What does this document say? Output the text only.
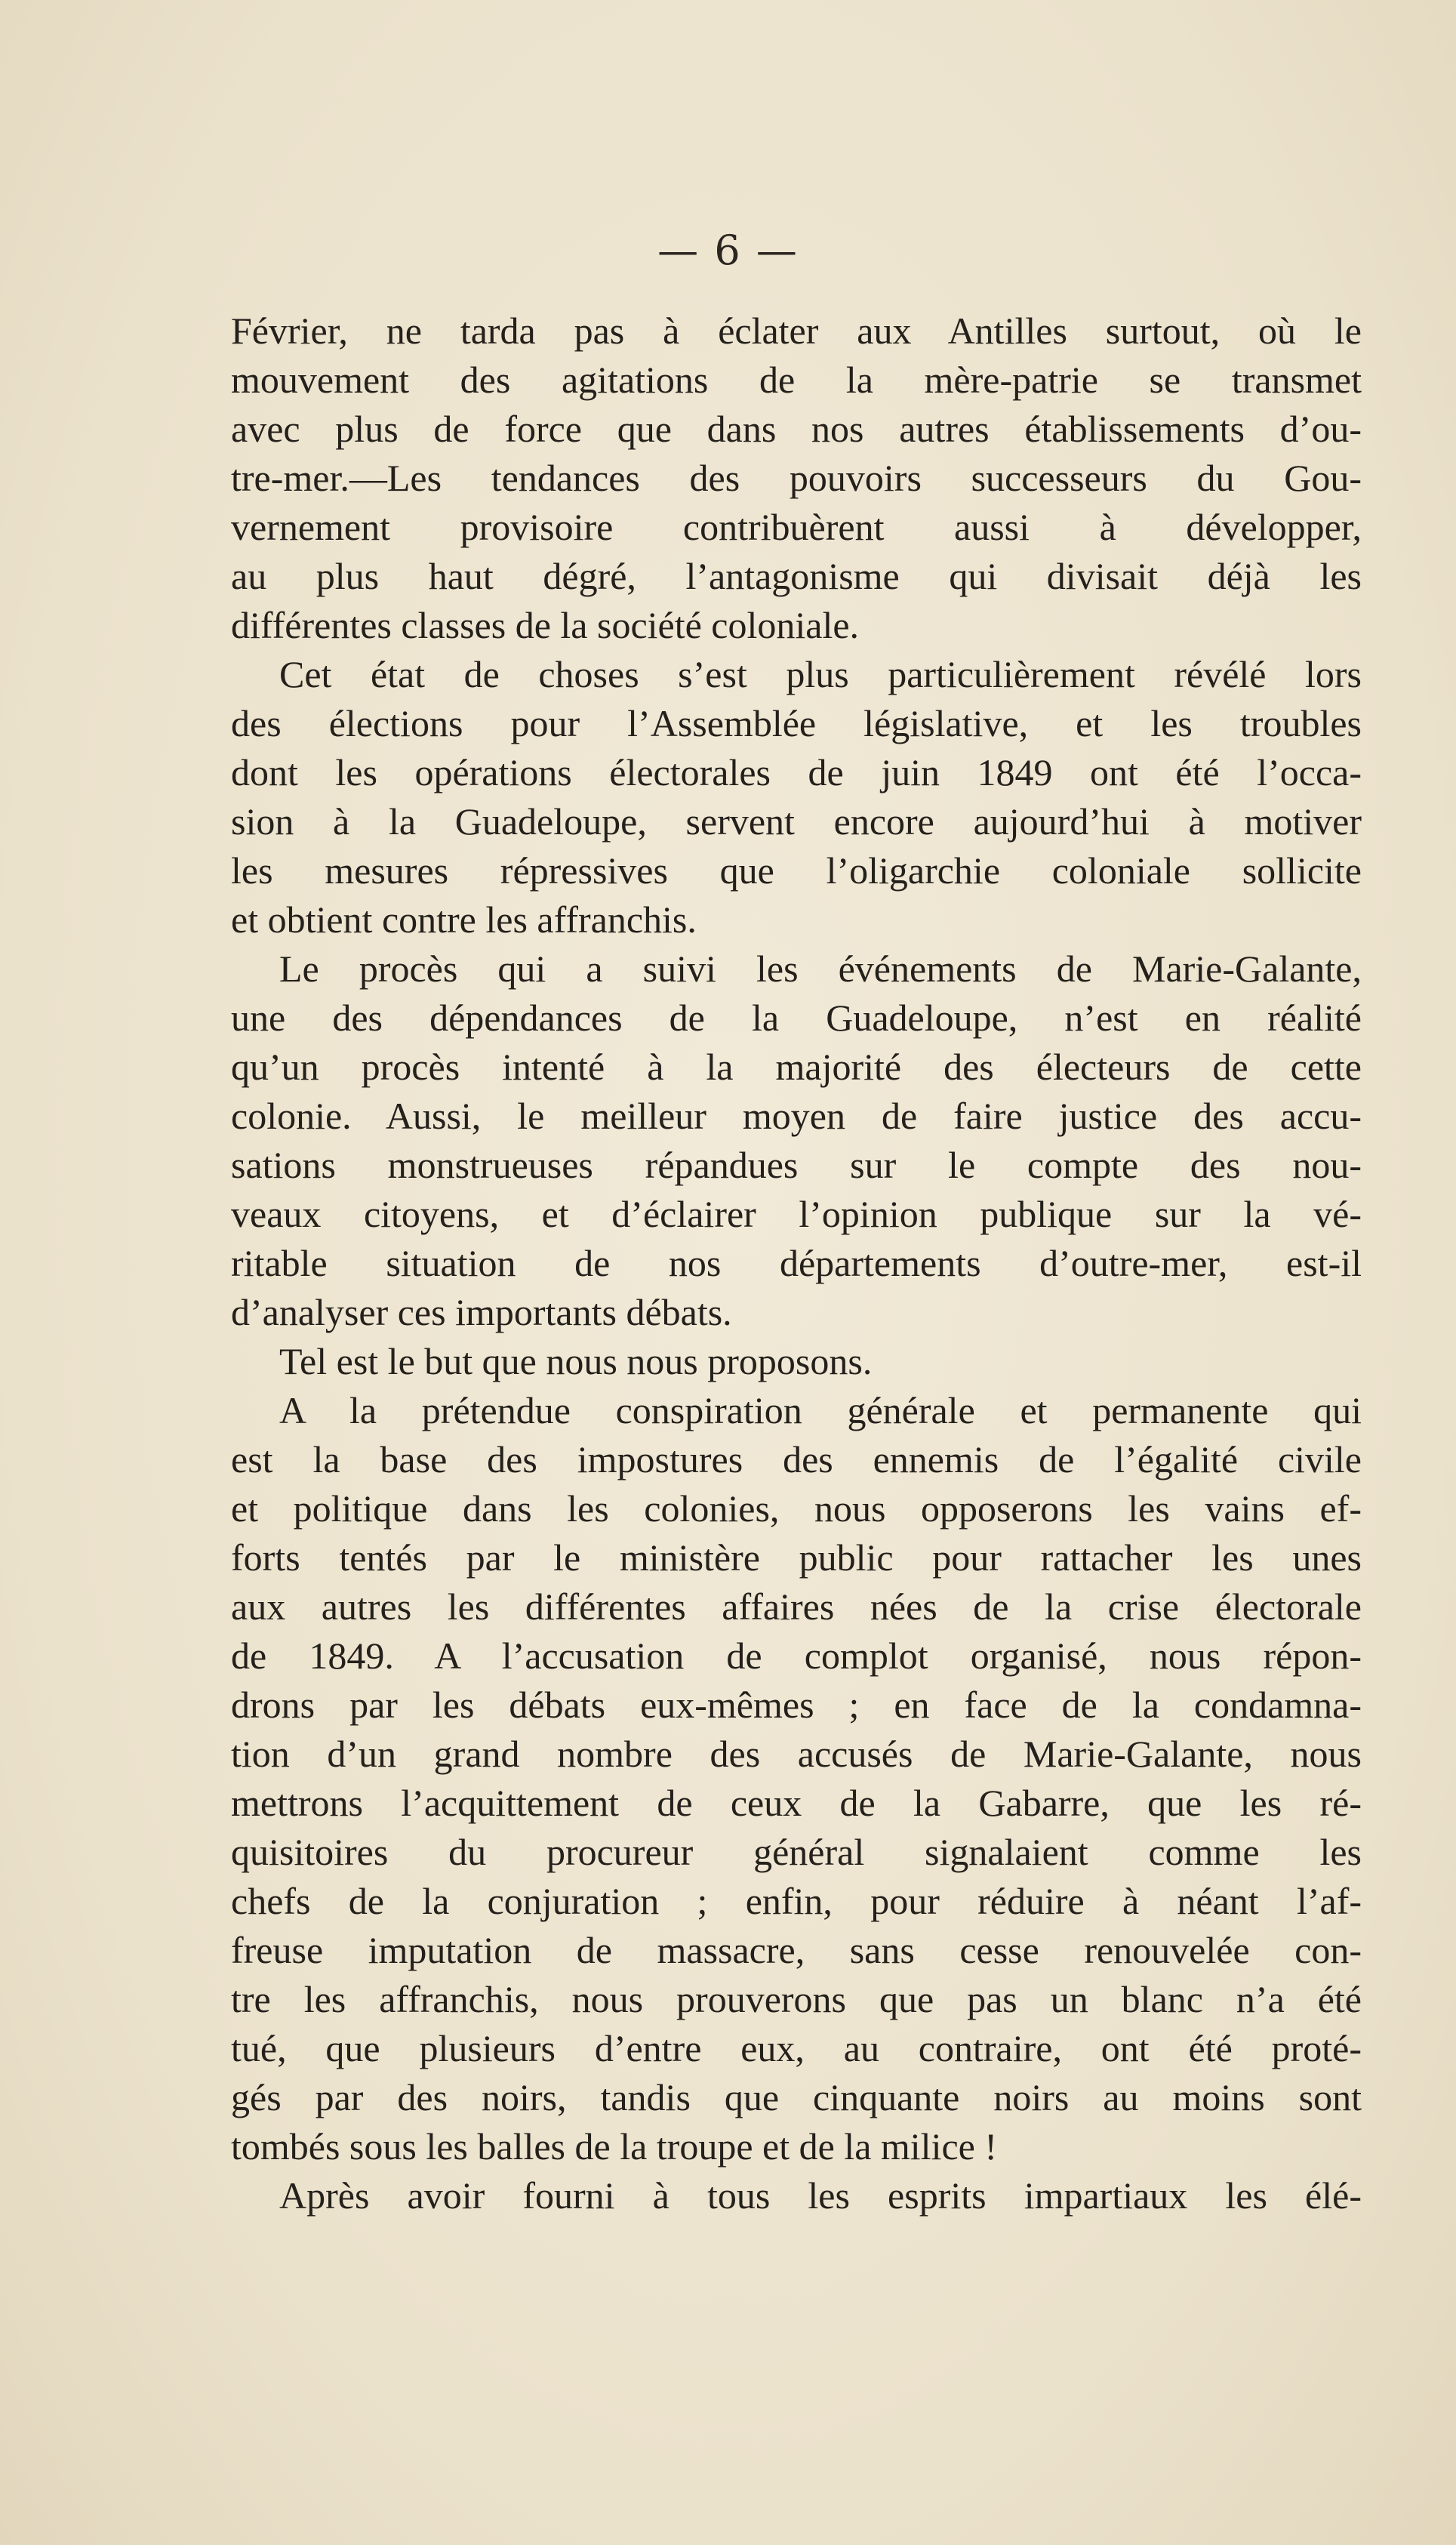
— 6 —
Février, ne tarda pas à éclater aux Antilles surtout, où le
mouvement des agitations de la mère-patrie se transmet
avec plus de force que dans nos autres établissements d’ou-
tre-mer.—Les tendances des pouvoirs successeurs du Gou-
vernement provisoire contribuèrent aussi à développer,
au plus haut dégré, l’antagonisme qui divisait déjà les
différentes classes de la société coloniale.
Cet état de choses s’est plus particulièrement révélé lors
des élections pour l’Assemblée législative, et les troubles
dont les opérations électorales de juin 1849 ont été l’occa-
sion à la Guadeloupe, servent encore aujourd’hui à motiver
les mesures répressives que l’oligarchie coloniale sollicite
et obtient contre les affranchis.
Le procès qui a suivi les événements de Marie-Galante,
une des dépendances de la Guadeloupe, n’est en réalité
qu’un procès intenté à la majorité des électeurs de cette
colonie. Aussi, le meilleur moyen de faire justice des accu-
sations monstrueuses répandues sur le compte des nou-
veaux citoyens, et d’éclairer l’opinion publique sur la vé-
ritable situation de nos départements d’outre-mer, est-il
d’analyser ces importants débats.
Tel est le but que nous nous proposons.
A la prétendue conspiration générale et permanente qui
est la base des impostures des ennemis de l’égalité civile
et politique dans les colonies, nous opposerons les vains ef-
forts tentés par le ministère public pour rattacher les unes
aux autres les différentes affaires nées de la crise électorale
de 1849. A l’accusation de complot organisé, nous répon-
drons par les débats eux-mêmes ; en face de la condamna-
tion d’un grand nombre des accusés de Marie-Galante, nous
mettrons l’acquittement de ceux de la Gabarre, que les ré-
quisitoires du procureur général signalaient comme les
chefs de la conjuration ; enfin, pour réduire à néant l’af-
freuse imputation de massacre, sans cesse renouvelée con-
tre les affranchis, nous prouverons que pas un blanc n’a été
tué, que plusieurs d’entre eux, au contraire, ont été proté-
gés par des noirs, tandis que cinquante noirs au moins sont
tombés sous les balles de la troupe et de la milice !
Après avoir fourni à tous les esprits impartiaux les élé-
